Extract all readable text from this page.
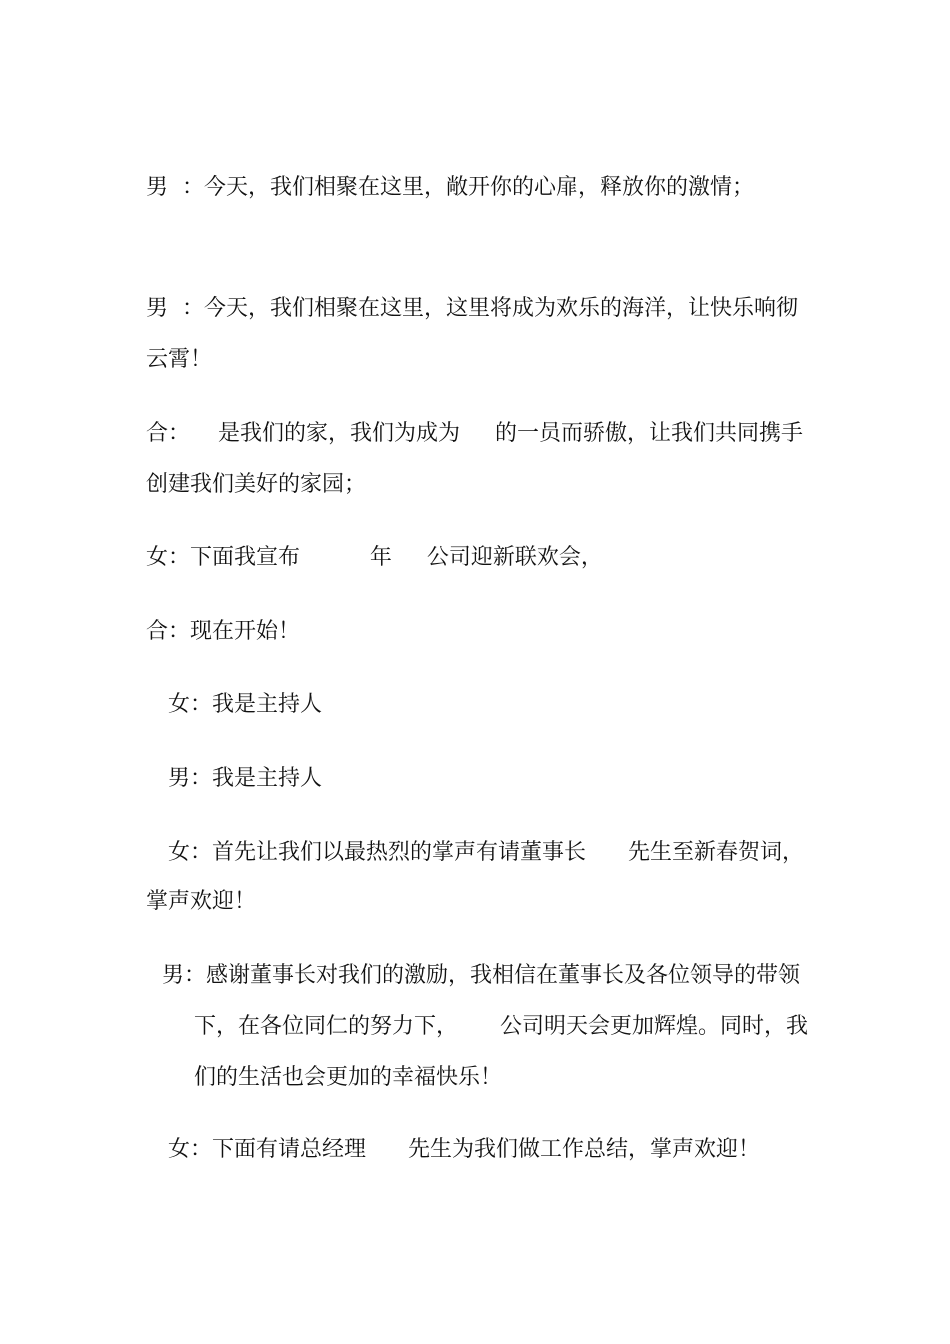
男  ：今天，我们相聚在这里，敞开你的心扉，释放你的激情；
男  ：今天，我们相聚在这里，这里将成为欢乐的海洋，让快乐响彻
云霄！
合：    是我们的家，我们为成为     的一员而骄傲，让我们共同携手
创建我们美好的家园；
女：下面我宣布          年     公司迎新联欢会，
合：现在开始！
女：我是主持人
男：我是主持人
女：首先让我们以最热烈的掌声有请董事长      先生至新春贺词，
掌声欢迎！
男：感谢董事长对我们的激励，我相信在董事长及各位领导的带领
下，在各位同仁的努力下，      公司明天会更加辉煌。同时，我
们的生活也会更加的幸福快乐！
女：下面有请总经理      先生为我们做工作总结，掌声欢迎！
